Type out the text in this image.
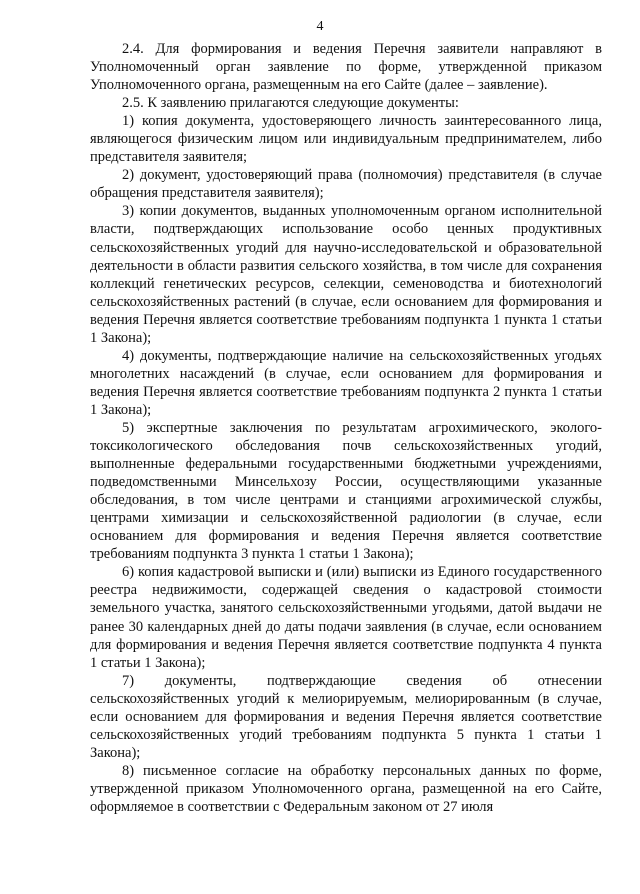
4

2.4. Для формирования и ведения Перечня заявители направляют в Уполномоченный орган заявление по форме, утвержденной приказом Уполномоченного органа, размещенным на его Сайте (далее – заявление).

2.5. К заявлению прилагаются следующие документы:

1) копия документа, удостоверяющего личность заинтересованного лица, являющегося физическим лицом или индивидуальным предпринимателем, либо представителя заявителя;

2) документ, удостоверяющий права (полномочия) представителя (в случае обращения представителя заявителя);

3) копии документов, выданных уполномоченным органом исполнительной власти, подтверждающих использование особо ценных продуктивных сельскохозяйственных угодий для научно-исследовательской и образовательной деятельности в области развития сельского хозяйства, в том числе для сохранения коллекций генетических ресурсов, селекции, семеноводства и биотехнологий сельскохозяйственных растений (в случае, если основанием для формирования и ведения Перечня является соответствие требованиям подпункта 1 пункта 1 статьи 1 Закона);

4) документы, подтверждающие наличие на сельскохозяйственных угодьях многолетних насаждений (в случае, если основанием для формирования и ведения Перечня является соответствие требованиям подпункта 2 пункта 1 статьи 1 Закона);

5) экспертные заключения по результатам агрохимического, эколого-токсикологического обследования почв сельскохозяйственных угодий, выполненные федеральными государственными бюджетными учреждениями, подведомственными Минсельхозу России, осуществляющими указанные обследования, в том числе центрами и станциями агрохимической службы, центрами химизации и сельскохозяйственной радиологии (в случае, если основанием для формирования и ведения Перечня является соответствие требованиям подпункта 3 пункта 1 статьи 1 Закона);

6) копия кадастровой выписки и (или) выписки из Единого государственного реестра недвижимости, содержащей сведения о кадастровой стоимости земельного участка, занятого сельскохозяйственными угодьями, датой выдачи не ранее 30 календарных дней до даты подачи заявления (в случае, если основанием для формирования и ведения Перечня является соответствие подпункта 4 пункта 1 статьи 1 Закона);

7) документы, подтверждающие сведения об отнесении сельскохозяйственных угодий к мелиорируемым, мелиорированным (в случае, если основанием для формирования и ведения Перечня является соответствие сельскохозяйственных угодий требованиям подпункта 5 пункта 1 статьи 1 Закона);

8) письменное согласие на обработку персональных данных по форме, утвержденной приказом Уполномоченного органа, размещенной на его Сайте, оформляемое в соответствии с Федеральным законом от 27 июля
